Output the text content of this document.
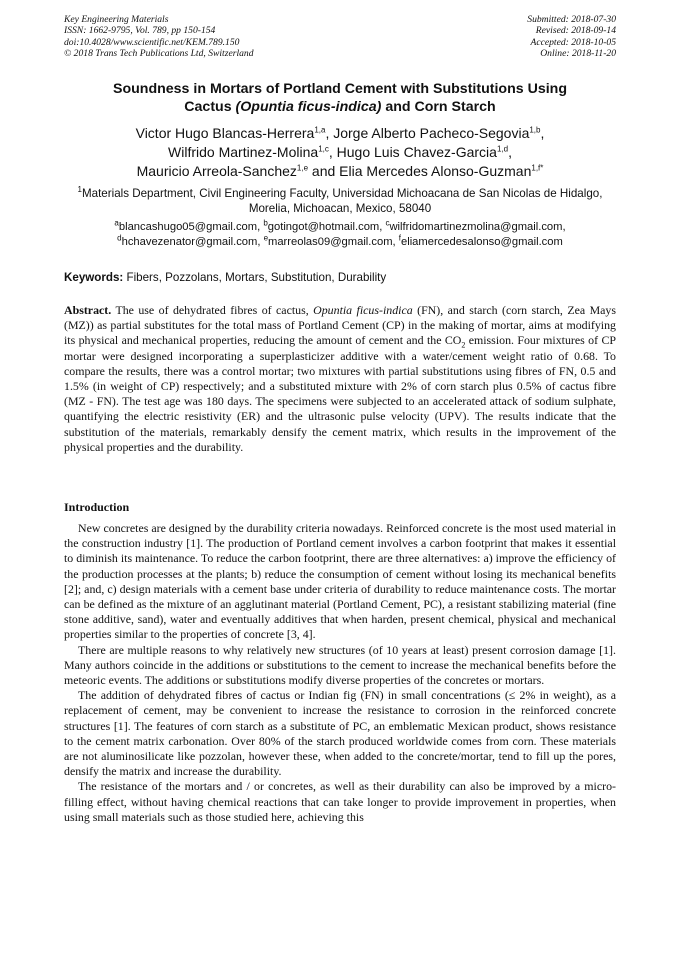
Key Engineering Materials
ISSN: 1662-9795, Vol. 789, pp 150-154
doi:10.4028/www.scientific.net/KEM.789.150
© 2018 Trans Tech Publications Ltd, Switzerland
Submitted: 2018-07-30
Revised: 2018-09-14
Accepted: 2018-10-05
Online: 2018-11-20
Soundness in Mortars of Portland Cement with Substitutions Using
Cactus (Opuntia ficus-indica) and Corn Starch
Victor Hugo Blancas-Herrera$^{1,a}$, Jorge Alberto Pacheco-Segovia$^{1,b}$,
Wilfrido Martinez-Molina$^{1,c}$, Hugo Luis Chavez-Garcia$^{1,d}$,
Mauricio Arreola-Sanchez$^{1,e}$ and Elia Mercedes Alonso-Guzman$^{1,f*}$
$^1$Materials Department, Civil Engineering Faculty, Universidad Michoacana de San Nicolas de Hidalgo, Morelia, Michoacan, Mexico, 58040
$^a$blancashugo05@gmail.com, $^b$gotingot@hotmail.com, $^c$wilfridomartinezmolina@gmail.com,
$^d$hchavezenator@gmail.com, $^e$marreolas09@gmail.com, $^f$eliamercedesalonso@gmail.com
Keywords: Fibers, Pozzolans, Mortars, Substitution, Durability
Abstract. The use of dehydrated fibres of cactus, Opuntia ficus-indica (FN), and starch (corn starch, Zea Mays (MZ)) as partial substitutes for the total mass of Portland Cement (CP) in the making of mortar, aims at modifying its physical and mechanical properties, reducing the amount of cement and the $CO_2$ emission. Four mixtures of CP mortar were designed incorporating a superplasticizer additive with a water/cement weight ratio of 0.68. To compare the results, there was a control mortar; two mixtures with partial substitutions using fibres of FN, 0.5 and 1.5% (in weight of CP) respectively; and a substituted mixture with 2% of corn starch plus 0.5% of cactus fibre (MZ - FN). The test age was 180 days. The specimens were subjected to an accelerated attack of sodium sulphate, quantifying the electric resistivity (ER) and the ultrasonic pulse velocity (UPV). The results indicate that the substitution of the materials, remarkably densify the cement matrix, which results in the improvement of the physical properties and the durability.
Introduction

New concretes are designed by the durability criteria nowadays. Reinforced concrete is the most used material in the construction industry [1]. The production of Portland cement involves a carbon footprint that makes it essential to diminish its maintenance. To reduce the carbon footprint, there are three alternatives: a) improve the efficiency of the production processes at the plants; b) reduce the consumption of cement without losing its mechanical benefits [2]; and, c) design materials with a cement base under criteria of durability to reduce maintenance costs. The mortar can be defined as the mixture of an agglutinant material (Portland Cement, PC), a resistant stabilizing material (fine stone additive, sand), water and eventually additives that when harden, present chemical, physical and mechanical properties similar to the properties of concrete [3, 4].

There are multiple reasons to why relatively new structures (of 10 years at least) present corrosion damage [1]. Many authors coincide in the additions or substitutions to the cement to increase the mechanical benefits before the meteoric events. The additions or substitutions modify diverse properties of the concretes or mortars.

The addition of dehydrated fibres of cactus or Indian fig (FN) in small concentrations (≤ 2% in weight), as a replacement of cement, may be convenient to increase the resistance to corrosion in the reinforced concrete structures [1]. The features of corn starch as a substitute of PC, an emblematic Mexican product, shows resistance to the cement matrix carbonation. Over 80% of the starch produced worldwide comes from corn. These materials are not aluminosilicate like pozzolan, however these, when added to the concrete/mortar, tend to fill up the pores, densify the matrix and increase the durability.

The resistance of the mortars and / or concretes, as well as their durability can also be improved by a micro-filling effect, without having chemical reactions that can take longer to provide improvement in properties, when using small materials such as those studied here, achieving this
